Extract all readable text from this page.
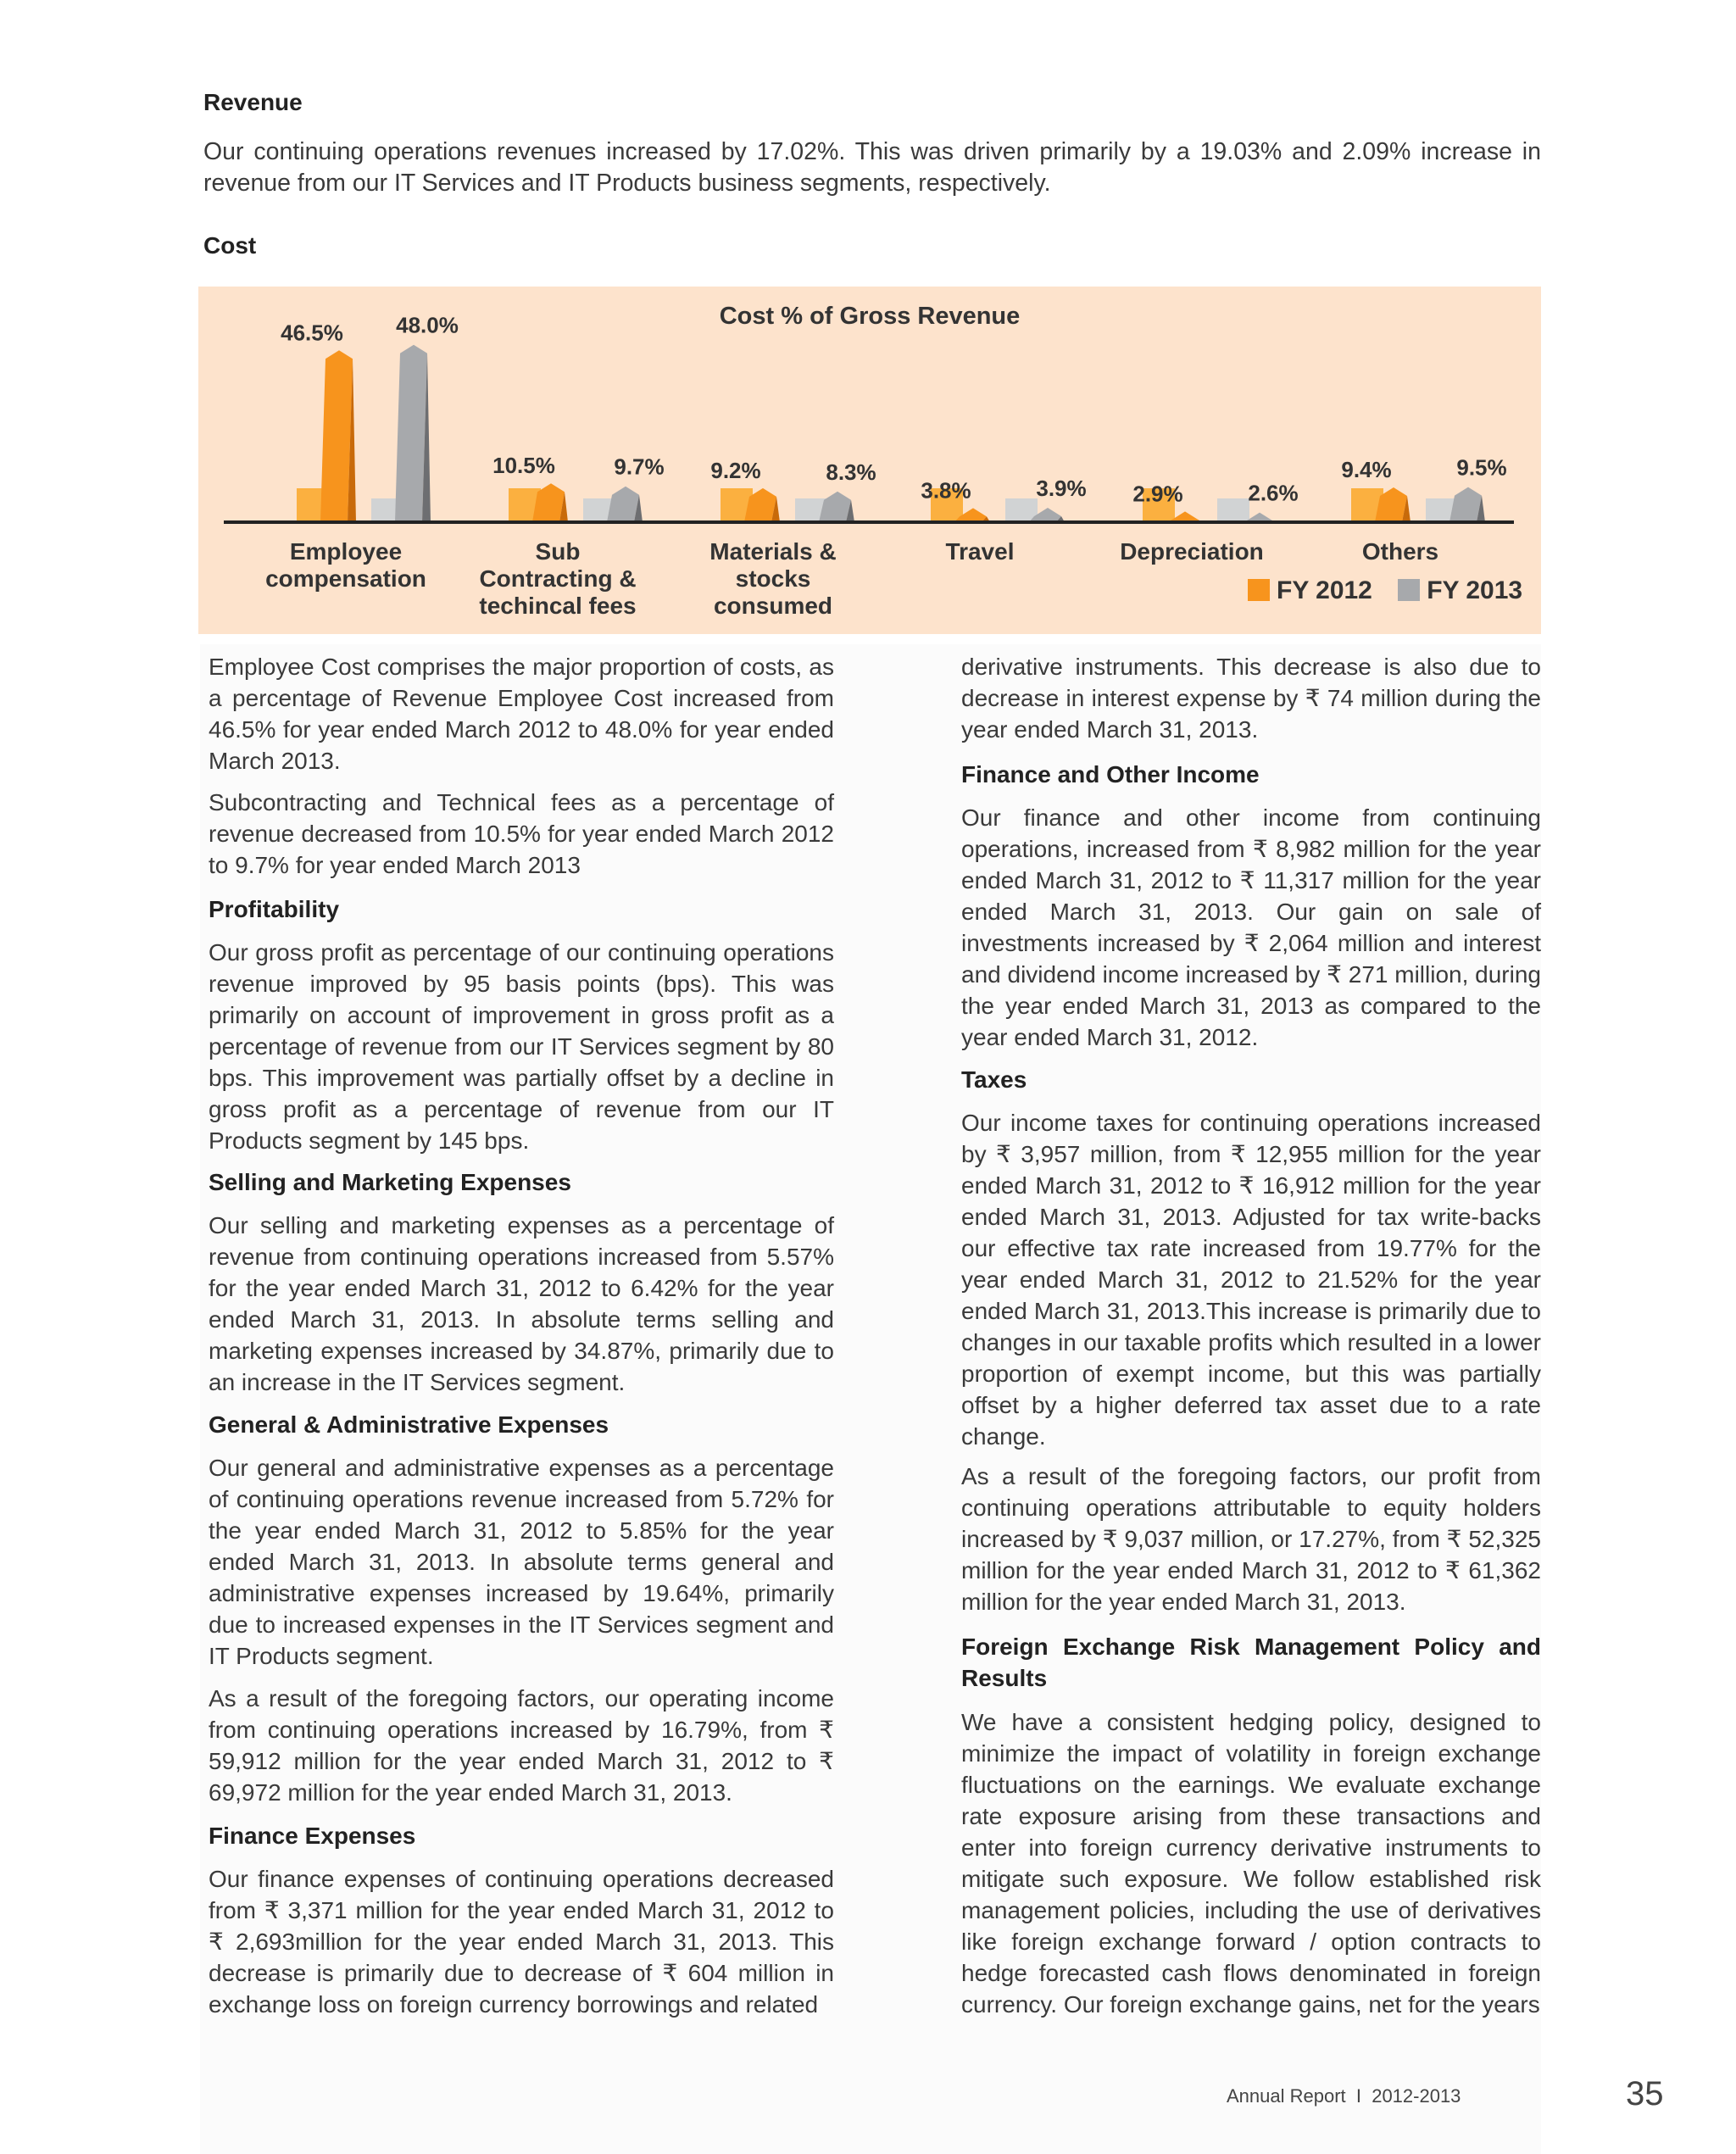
Revenue
Our continuing operations revenues increased by 17.02%. This was driven primarily by a 19.03% and 2.09% increase in revenue from our IT Services and IT Products business segments, respectively.
Cost
Cost % of Gross Revenue
46.5%
10.5%	9.2%
3.8%	2.9%
9.4%
48.0%
9.7%	8.3%
3.9%	2.6%
9.5%
Employee
compensation
Sub
Contracting &
techincal fees
Materials &
stocks
consumed
Travel	Depreciation	Others
FY 2012 FY 2013
Employee Cost comprises the major proportion of costs, as a percentage of Revenue Employee Cost increased from 46.5% for year ended March 2012 to 48.0% for year ended March 2013.
Subcontracting and Technical fees as a percentage of revenue decreased from 10.5% for year ended March 2012 to 9.7% for year ended March 2013
Profitability
Our gross profit as percentage of our continuing operations revenue improved by 95 basis points (bps). This was primarily on account of improvement in gross profit as a percentage of revenue from our IT Services segment by 80 bps. This improvement was partially offset by a decline in gross profit as a percentage of revenue from our IT Products segment by 145 bps.
Selling and Marketing Expenses
Our selling and marketing expenses as a percentage of revenue from continuing operations increased from 5.57% for the year ended March 31, 2012 to 6.42% for the year ended March 31, 2013. In absolute terms selling and marketing expenses increased by 34.87%, primarily due to an increase in the IT Services segment.
General & Administrative Expenses
Our general and administrative expenses as a percentage of continuing operations revenue increased from 5.72% for the year ended March 31, 2012 to 5.85% for the year ended March 31, 2013. In absolute terms general and administrative expenses increased by 19.64%, primarily due to increased expenses in the IT Services segment and IT Products segment.
As a result of the foregoing factors, our operating income from continuing operations increased by 16.79%, from ₹ 59,912 million for the year ended March 31, 2012 to ₹ 69,972 million for the year ended March 31, 2013.
Finance Expenses
Our finance expenses of continuing operations decreased from ₹ 3,371 million for the year ended March 31, 2012 to ₹ 2,693million for the year ended March 31, 2013. This decrease is primarily due to decrease of ₹ 604 million in exchange loss on foreign currency borrowings and related
derivative instruments. This decrease is also due to decrease in interest expense by ₹ 74 million during the year ended March 31, 2013.
Finance and Other Income
Our finance and other income from continuing operations, increased from ₹ 8,982 million for the year ended March 31, 2012 to ₹ 11,317 million for the year ended March 31, 2013. Our gain on sale of investments increased by ₹ 2,064 million and interest and dividend income increased by ₹ 271 million, during the year ended March 31, 2013 as compared to the year ended March 31, 2012.
Taxes
Our income taxes for continuing operations increased by ₹ 3,957 million, from ₹ 12,955 million for the year ended March 31, 2012 to ₹ 16,912 million for the year ended March 31, 2013. Adjusted for tax write-backs our effective tax rate increased from 19.77% for the year ended March 31, 2012 to 21.52% for the year ended March 31, 2013.This increase is primarily due to changes in our taxable profits which resulted in a lower proportion of exempt income, but this was partially offset by a higher deferred tax asset due to a rate change.
As a result of the foregoing factors, our profit from continuing operations attributable to equity holders increased by ₹ 9,037 million, or 17.27%, from ₹ 52,325 million for the year ended March 31, 2012 to ₹ 61,362 million for the year ended March 31, 2013.
Foreign Exchange Risk Management Policy and Results
We have a consistent hedging policy, designed to minimize the impact of volatility in foreign exchange fluctuations on the earnings. We evaluate exchange rate exposure arising from these transactions and enter into foreign currency derivative instruments to mitigate such exposure. We follow established risk management policies, including the use of derivatives like foreign exchange forward / option contracts to hedge forecasted cash flows denominated in foreign currency. Our foreign exchange gains, net for the years
Annual Report  I  2012-2013	35
